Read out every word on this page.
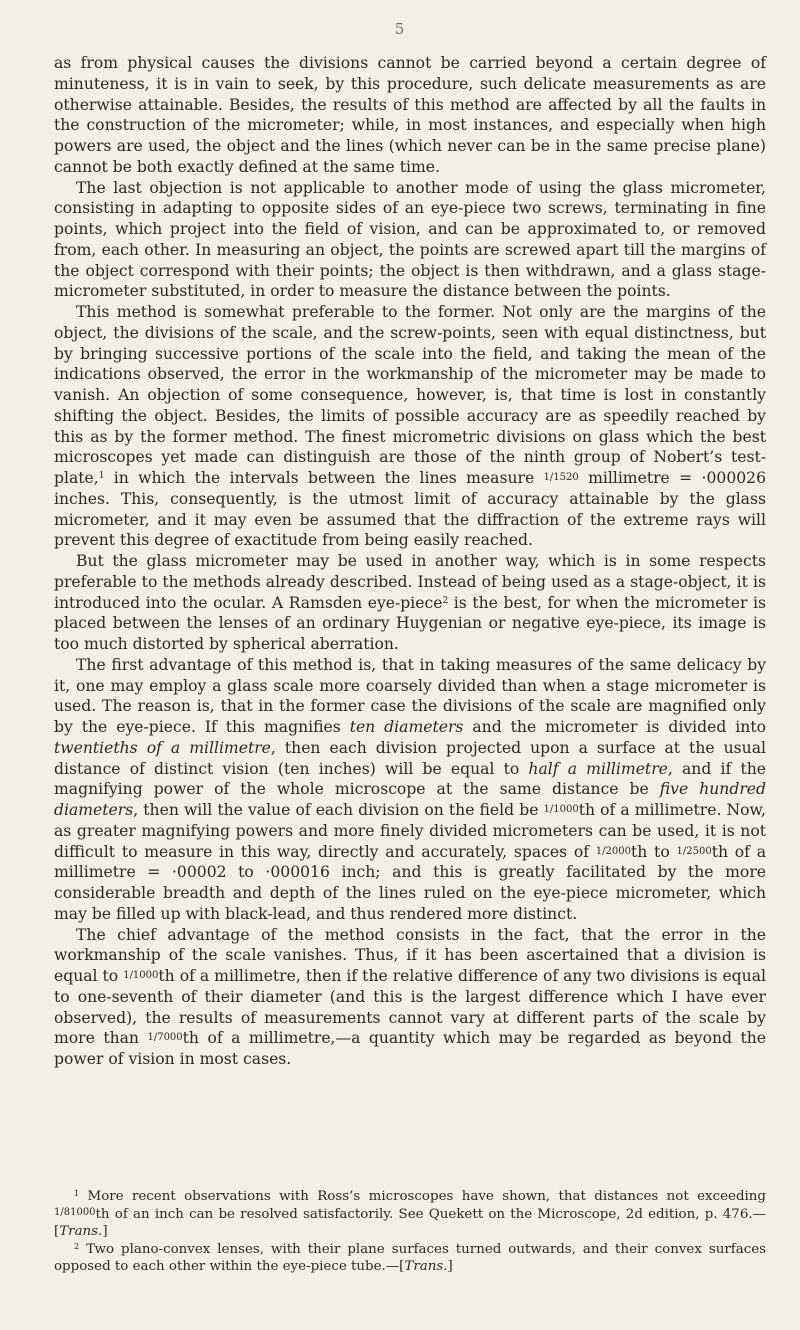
5

as from physical causes the divisions cannot be carried beyond a certain degree of minuteness, it is in vain to seek, by this procedure, such delicate measurements as are otherwise attainable. Besides, the results of this method are affected by all the faults in the construction of the micrometer; while, in most instances, and especially when high powers are used, the object and the lines (which never can be in the same precise plane) cannot be both exactly defined at the same time.

The last objection is not applicable to another mode of using the glass micrometer, consisting in adapting to opposite sides of an eye-piece two screws, terminating in fine points, which project into the field of vision, and can be approximated to, or removed from, each other. In measuring an object, the points are screwed apart till the margins of the object correspond with their points; the object is then withdrawn, and a glass stage-micrometer substituted, in order to measure the distance between the points.

This method is somewhat preferable to the former. Not only are the margins of the object, the divisions of the scale, and the screw-points, seen with equal distinctness, but by bringing successive portions of the scale into the field, and taking the mean of the indications observed, the error in the workmanship of the micrometer may be made to vanish. An objection of some consequence, however, is, that time is lost in constantly shifting the object. Besides, the limits of possible accuracy are as speedily reached by this as by the former method. The finest micrometric divisions on glass which the best microscopes yet made can distinguish are those of the ninth group of Nobert’s test-plate,$^1$ in which the intervals between the lines measure 1/1520 millimetre = ·000026 inches. This, consequently, is the utmost limit of accuracy attainable by the glass micrometer, and it may even be assumed that the diffraction of the extreme rays will prevent this degree of exactitude from being easily reached.

But the glass micrometer may be used in another way, which is in some respects preferable to the methods already described. Instead of being used as a stage-object, it is introduced into the ocular. A Ramsden eye-piece$^2$ is the best, for when the micrometer is placed between the lenses of an ordinary Huygenian or negative eye-piece, its image is too much distorted by spherical aberration.

The first advantage of this method is, that in taking measures of the same delicacy by it, one may employ a glass scale more coarsely divided than when a stage micrometer is used. The reason is, that in the former case the divisions of the scale are magnified only by the eye-piece. If this magnifies ten diameters and the micrometer is divided into twentieths of a millimetre, then each division projected upon a surface at the usual distance of distinct vision (ten inches) will be equal to half a millimetre, and if the magnifying power of the whole microscope at the same distance be five hundred diameters, then will the value of each division on the field be 1/1000th of a millimetre. Now, as greater magnifying powers and more finely divided micrometers can be used, it is not difficult to measure in this way, directly and accurately, spaces of 1/2000th to 1/2500th of a millimetre = ·00002 to ·000016 inch; and this is greatly facilitated by the more considerable breadth and depth of the lines ruled on the eye-piece micrometer, which may be filled up with black-lead, and thus rendered more distinct.

The chief advantage of the method consists in the fact, that the error in the workmanship of the scale vanishes. Thus, if it has been ascertained that a division is equal to 1/1000th of a millimetre, then if the relative difference of any two divisions is equal to one-seventh of their diameter (and this is the largest difference which I have ever observed), the results of measurements cannot vary at different parts of the scale by more than 1/7000th of a millimetre,—a quantity which may be regarded as beyond the power of vision in most cases.

$^1$ More recent observations with Ross’s microscopes have shown, that distances not exceeding $^{1/81000}$th of an inch can be resolved satisfactorily. See Quekett on the Microscope, 2d edition, p. 476.—[Trans.]

$^2$ Two plano-convex lenses, with their plane surfaces turned outwards, and their convex surfaces opposed to each other within the eye-piece tube.—[Trans.]
